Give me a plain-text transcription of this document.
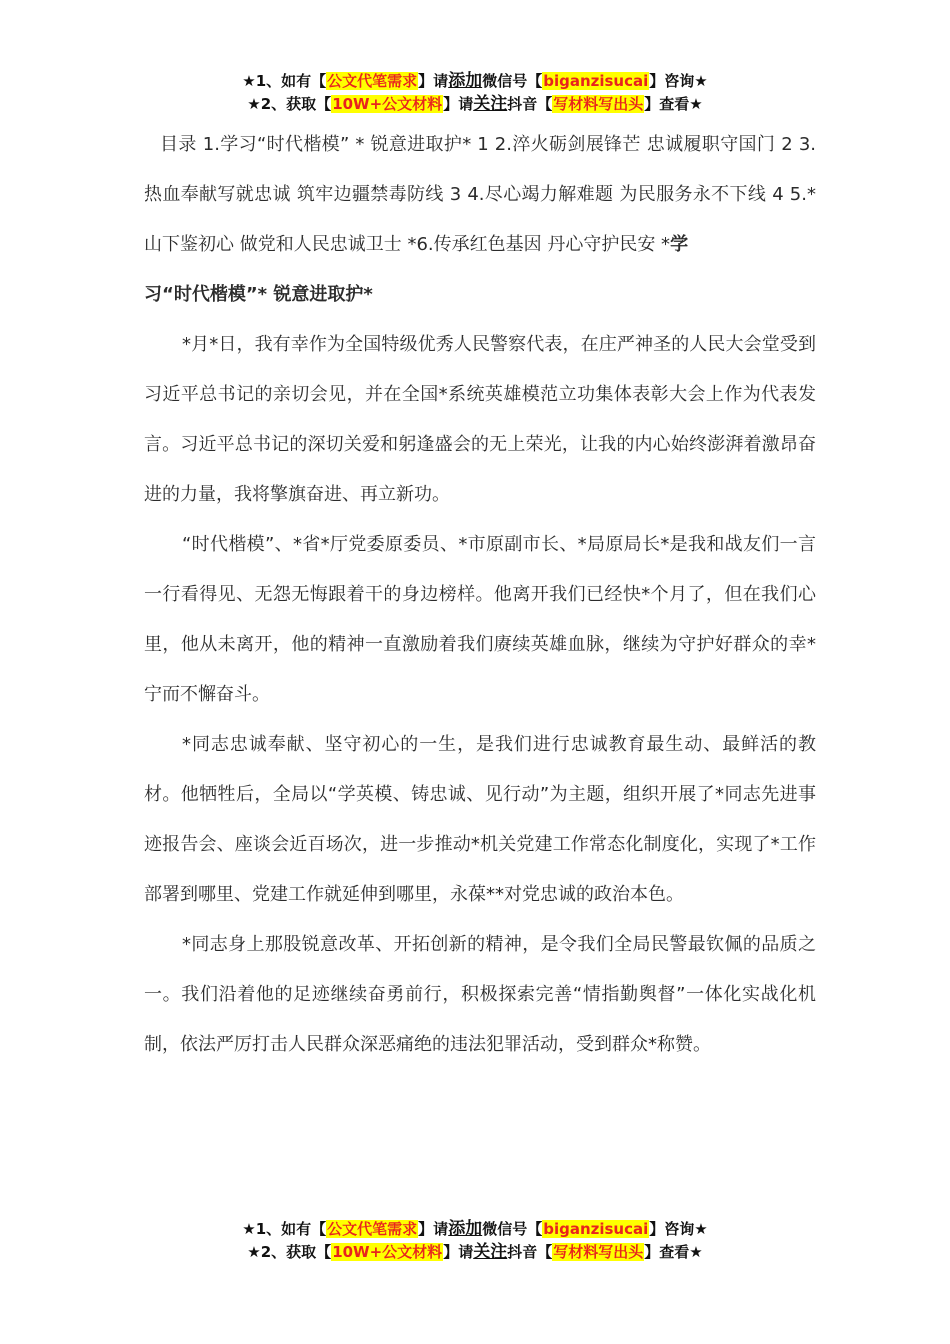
★1、如有【公文代笔需求】请添加微信号【biganzisucai】咨询★
★2、获取【10W+公文材料】请关注抖音【写材料写出头】查看★

目录 1.学习“时代楷模” * 锐意进取护* 1 2.淬火砺剑展锋芒 忠诚履职守国门 2 3.热血奉献写就忠诚 筑牢边疆禁毒防线 3 4.尽心竭力解难题 为民服务永不下线 4 5.*山下鉴初心 做党和人民忠诚卫士 *6.传承红色基因 丹心守护民安 *学

习“时代楷模”* 锐意进取护*

*月*日，我有幸作为全国特级优秀人民警察代表，在庄严神圣的人民大会堂受到习近平总书记的亲切会见，并在全国*系统英雄模范立功集体表彰大会上作为代表发言。习近平总书记的深切关爱和躬逢盛会的无上荣光，让我的内心始终澎湃着激昂奋进的力量，我将擎旗奋进、再立新功。

“时代楷模”、*省*厅党委原委员、*市原副市长、*局原局长*是我和战友们一言一行看得见、无怨无悔跟着干的身边榜样。他离开我们已经快*个月了，但在我们心里，他从未离开，他的精神一直激励着我们赓续英雄血脉，继续为守护好群众的幸*宁而不懈奋斗。

*同志忠诚奉献、坚守初心的一生，是我们进行忠诚教育最生动、最鲜活的教材。他牺牲后，全局以“学英模、铸忠诚、见行动”为主题，组织开展了*同志先进事迹报告会、座谈会近百场次，进一步推动*机关党建工作常态化制度化，实现了*工作部署到哪里、党建工作就延伸到哪里，永葆**对党忠诚的政治本色。

*同志身上那股锐意改革、开拓创新的精神，是令我们全局民警最钦佩的品质之一。我们沿着他的足迹继续奋勇前行，积极探索完善“情指勤舆督”一体化实战化机制，依法严厉打击人民群众深恶痛绝的违法犯罪活动，受到群众*称赞。

★1、如有【公文代笔需求】请添加微信号【biganzisucai】咨询★
★2、获取【10W+公文材料】请关注抖音【写材料写出头】查看★
